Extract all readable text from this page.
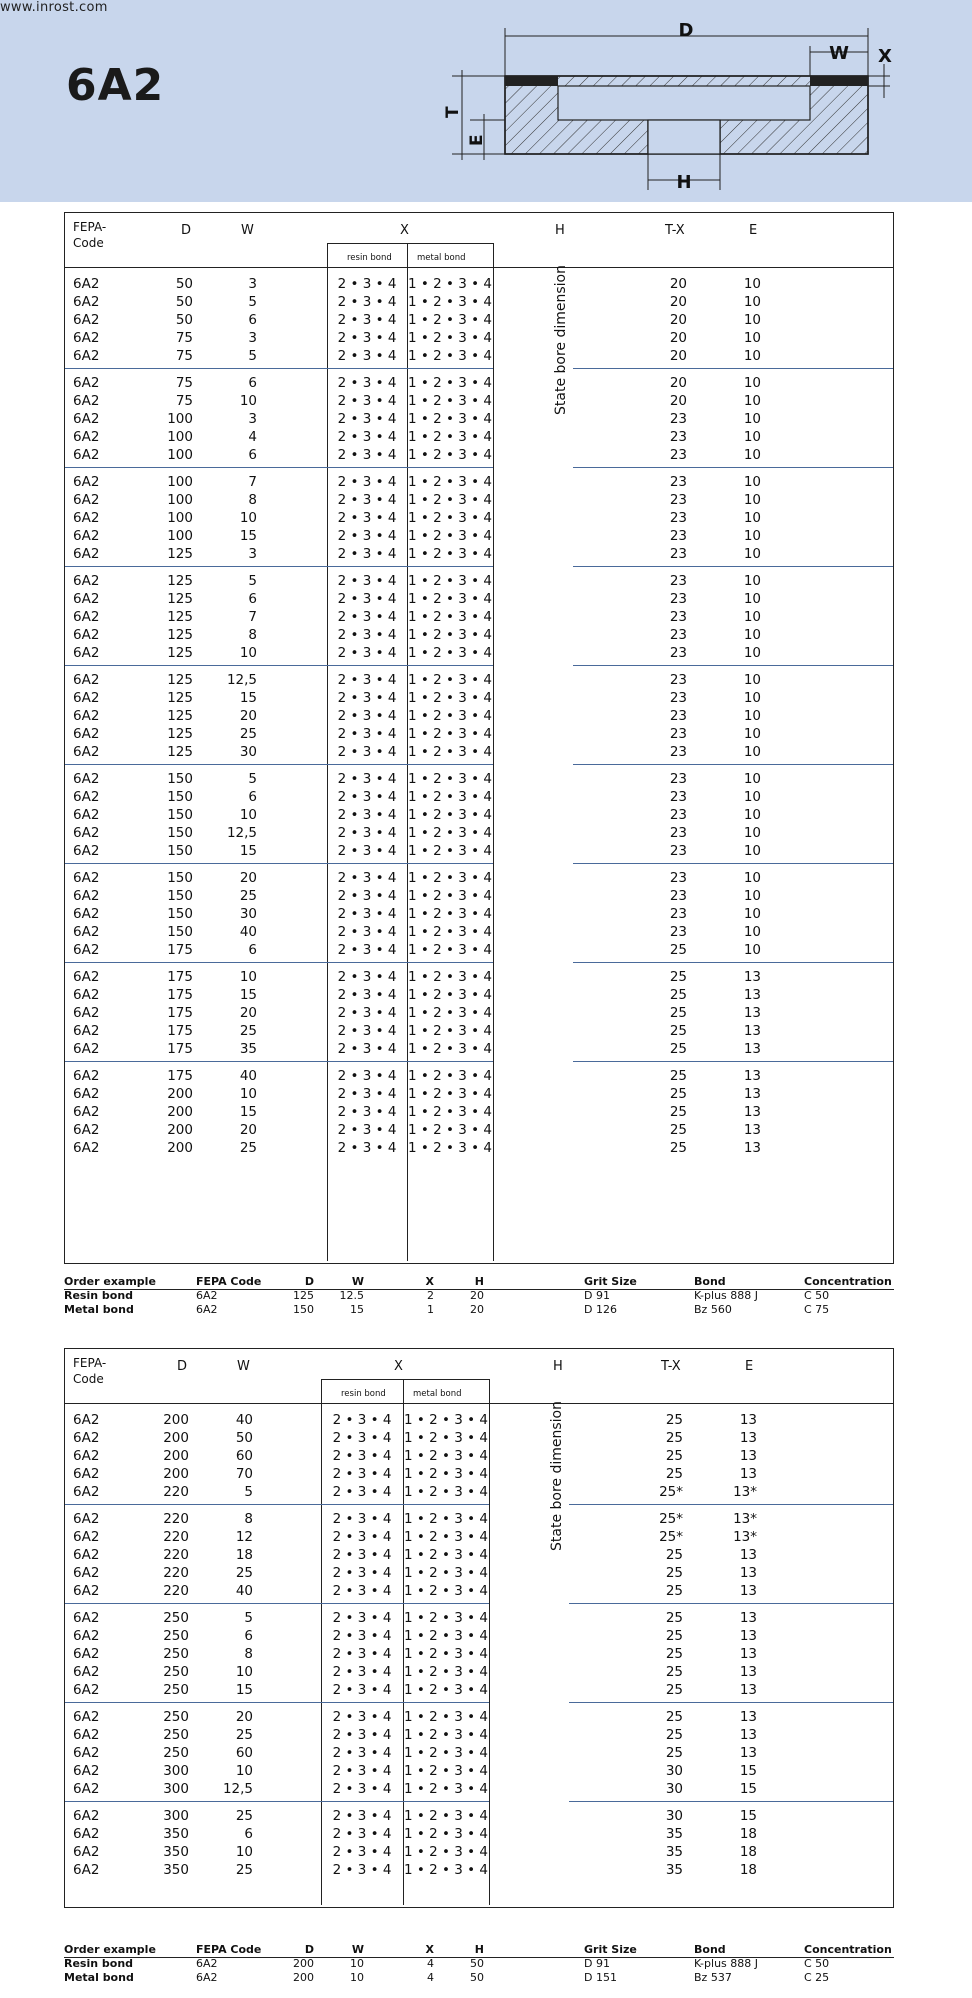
www.inrost.com
6A2
D
W X
T
E
H
FEPA-
Code
D	W	X	H	T-X	E
resin bond	metal bond
6A2	50	3	2 • 3 • 4 1 • 2 • 3 • 4	20	10
6A2	50	5	2 • 3 • 4 1 • 2 • 3 • 4	20	10
6A2	50	6	2 • 3 • 4 1 • 2 • 3 • 4	20	10
6A2	75	3	2 • 3 • 4 1 • 2 • 3 • 4	20	10
6A2	75	5	2 • 3 • 4 1 • 2 • 3 • 4	20	10
6A2	75	6	2 • 3 • 4 1 • 2 • 3 • 4	20	10
6A2	75	10	2 • 3 • 4 1 • 2 • 3 • 4	20	10
6A2	100	3	2 • 3 • 4 1 • 2 • 3 • 4	23	10
6A2	100	4	2 • 3 • 4 1 • 2 • 3 • 4	23	10
6A2	100	6	2 • 3 • 4 1 • 2 • 3 • 4	23	10
6A2	100	7	2 • 3 • 4 1 • 2 • 3 • 4	23	10
6A2	100	8	2 • 3 • 4 1 • 2 • 3 • 4	23	10
6A2	100	10	2 • 3 • 4 1 • 2 • 3 • 4	23	10
6A2	100	15	2 • 3 • 4 1 • 2 • 3 • 4	23	10
6A2	125	3	2 • 3 • 4 1 • 2 • 3 • 4	23	10
6A2	125	5	2 • 3 • 4 1 • 2 • 3 • 4	23	10
6A2	125	6	2 • 3 • 4 1 • 2 • 3 • 4	23	10
6A2	125	7	2 • 3 • 4 1 • 2 • 3 • 4	23	10
6A2	125	8	2 • 3 • 4 1 • 2 • 3 • 4	23	10
6A2	125	10	2 • 3 • 4 1 • 2 • 3 • 4	23	10
6A2	125	12,5	2 • 3 • 4 1 • 2 • 3 • 4	23	10
6A2	125	15	2 • 3 • 4 1 • 2 • 3 • 4	23	10
6A2	125	20	2 • 3 • 4 1 • 2 • 3 • 4	23	10
6A2	125	25	2 • 3 • 4 1 • 2 • 3 • 4	23	10
6A2	125	30	2 • 3 • 4 1 • 2 • 3 • 4	23	10
6A2	150	5	2 • 3 • 4 1 • 2 • 3 • 4	23	10
6A2	150	6	2 • 3 • 4 1 • 2 • 3 • 4	23	10
6A2	150	10	2 • 3 • 4 1 • 2 • 3 • 4	23	10
6A2	150	12,5	2 • 3 • 4 1 • 2 • 3 • 4	23	10
6A2	150	15	2 • 3 • 4 1 • 2 • 3 • 4	23	10
6A2	150	20	2 • 3 • 4 1 • 2 • 3 • 4	23	10
6A2	150	25	2 • 3 • 4 1 • 2 • 3 • 4	23	10
6A2	150	30	2 • 3 • 4 1 • 2 • 3 • 4	23	10
6A2	150	40	2 • 3 • 4 1 • 2 • 3 • 4	23	10
6A2	175	6	2 • 3 • 4 1 • 2 • 3 • 4	25	10
6A2	175	10	2 • 3 • 4 1 • 2 • 3 • 4	25	13
6A2	175	15	2 • 3 • 4 1 • 2 • 3 • 4	25	13
6A2	175	20	2 • 3 • 4 1 • 2 • 3 • 4	25	13
6A2	175	25	2 • 3 • 4 1 • 2 • 3 • 4	25	13
6A2	175	35	2 • 3 • 4 1 • 2 • 3 • 4	25	13
6A2	175	40	2 • 3 • 4 1 • 2 • 3 • 4	25	13
6A2	200	10	2 • 3 • 4 1 • 2 • 3 • 4	25	13
6A2	200	15	2 • 3 • 4 1 • 2 • 3 • 4	25	13
6A2	200	20	2 • 3 • 4 1 • 2 • 3 • 4	25	13
6A2	200	25	2 • 3 • 4 1 • 2 • 3 • 4	25	13
State bore dimension
Order example	FEPA Code	D	W	X	H	Grit Size	Bond	Concentration
Resin bond	6A2	125	12.5	2	20	D 91	K-plus 888 J	C 50
Metal bond	6A2	150	15	1	20	D 126	Bz 560	C 75
FEPA-
Code
D	W	X	H	T-X	E
resin bond	metal bond
6A2	200	40	2 • 3 • 4 1 • 2 • 3 • 4	25	13
6A2	200	50	2 • 3 • 4 1 • 2 • 3 • 4	25	13
6A2	200	60	2 • 3 • 4 1 • 2 • 3 • 4	25	13
6A2	200	70	2 • 3 • 4 1 • 2 • 3 • 4	25	13
6A2	220	5	2 • 3 • 4 1 • 2 • 3 • 4	25*	13*
6A2	220	8	2 • 3 • 4 1 • 2 • 3 • 4	25*	13*
6A2	220	12	2 • 3 • 4 1 • 2 • 3 • 4	25*	13*
6A2	220	18	2 • 3 • 4 1 • 2 • 3 • 4	25	13
6A2	220	25	2 • 3 • 4 1 • 2 • 3 • 4	25	13
6A2	220	40	2 • 3 • 4 1 • 2 • 3 • 4	25	13
6A2	250	5	2 • 3 • 4 1 • 2 • 3 • 4	25	13
6A2	250	6	2 • 3 • 4 1 • 2 • 3 • 4	25	13
6A2	250	8	2 • 3 • 4 1 • 2 • 3 • 4	25	13
6A2	250	10	2 • 3 • 4 1 • 2 • 3 • 4	25	13
6A2	250	15	2 • 3 • 4 1 • 2 • 3 • 4	25	13
6A2	250	20	2 • 3 • 4 1 • 2 • 3 • 4	25	13
6A2	250	25	2 • 3 • 4 1 • 2 • 3 • 4	25	13
6A2	250	60	2 • 3 • 4 1 • 2 • 3 • 4	25	13
6A2	300	10	2 • 3 • 4 1 • 2 • 3 • 4	30	15
6A2	300	12,5	2 • 3 • 4 1 • 2 • 3 • 4	30	15
6A2	300	25	2 • 3 • 4 1 • 2 • 3 • 4	30	15
6A2	350	6	2 • 3 • 4 1 • 2 • 3 • 4	35	18
6A2	350	10	2 • 3 • 4 1 • 2 • 3 • 4	35	18
6A2	350	25	2 • 3 • 4 1 • 2 • 3 • 4	35	18
State bore dimension
Order example	FEPA Code	D	W	X	H	Grit Size	Bond	Concentration
Resin bond	6A2	200	10	4	50	D 91	K-plus 888 J	C 50
Metal bond	6A2	200	10	4	50	D 151	Bz 537	C 25
